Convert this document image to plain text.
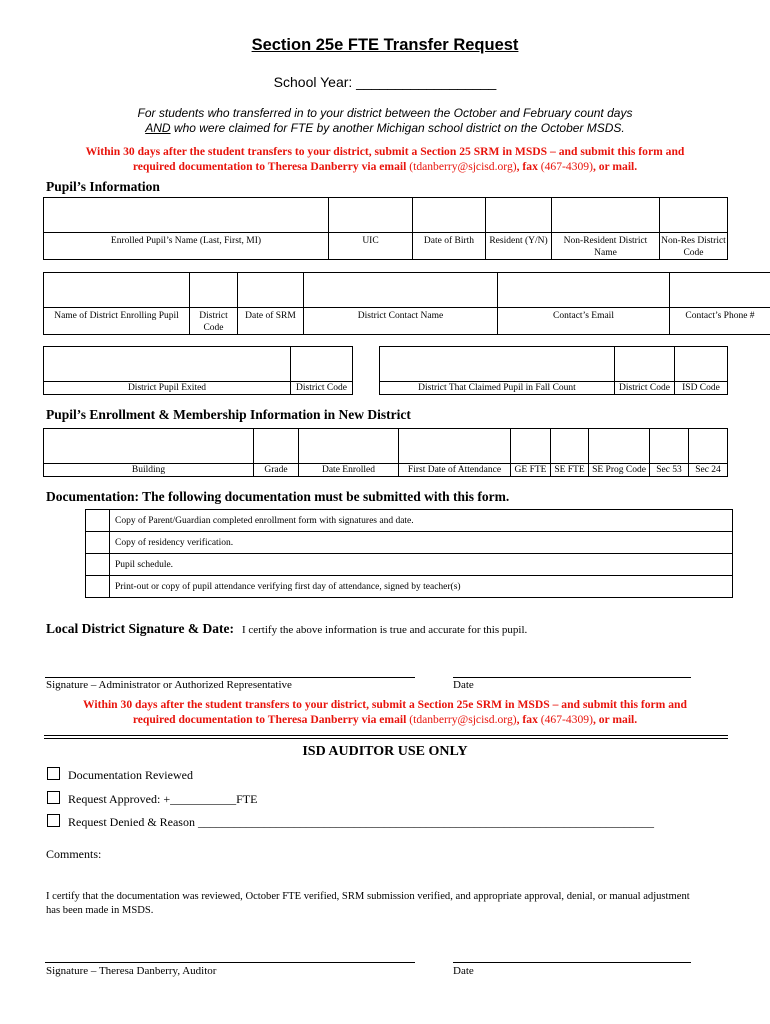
Section 25e FTE Transfer Request
School Year: __________________
For students who transferred in to your district between the October and February count days
AND who were claimed for FTE by another Michigan school district on the October MSDS.
Within 30 days after the student transfers to your district, submit a Section 25 SRM in MSDS – and submit this form and
required documentation to Theresa Danberry via email (tdanberry@sjcisd.org), fax (467-4309), or mail.
Pupil’s Information

Enrolled Pupil’s Name (Last, First, MI)	UIC	Date of Birth	Resident (Y/N)	Non-Resident District Name	Non-Res District Code

Name of District Enrolling Pupil	District Code	Date of SRM	District Contact Name	Contact’s Email	Contact’s Phone #

District Pupil Exited	District Code
			District That Claimed Pupil in Fall Count	District Code	ISD Code
Pupil’s Enrollment & Membership Information in New District

Building	Grade	Date Enrolled	First Date of Attendance	GE FTE	SE FTE	SE Prog Code	Sec 53	Sec 24
Documentation: The following documentation must be submitted with this form.
	Copy of Parent/Guardian completed enrollment form with signatures and date.
	Copy of residency verification.
	Pupil schedule.
	Print-out or copy of pupil attendance verifying first day of attendance, signed by teacher(s)
Local District Signature & Date: I certify the above information is true and accurate for this pupil.
Signature – Administrator or Authorized Representative	Date
Within 30 days after the student transfers to your district, submit a Section 25e SRM in MSDS – and submit this form and
required documentation to Theresa Danberry via email (tdanberry@sjcisd.org), fax (467-4309), or mail.
ISD AUDITOR USE ONLY
Documentation Reviewed
Request Approved: +___________FTE
Request Denied & Reason ____________________________________________________________________________
Comments:
I certify that the documentation was reviewed, October FTE verified, SRM submission verified, and appropriate approval, denial, or manual adjustment
has been made in MSDS.
Signature – Theresa Danberry, Auditor	Date
